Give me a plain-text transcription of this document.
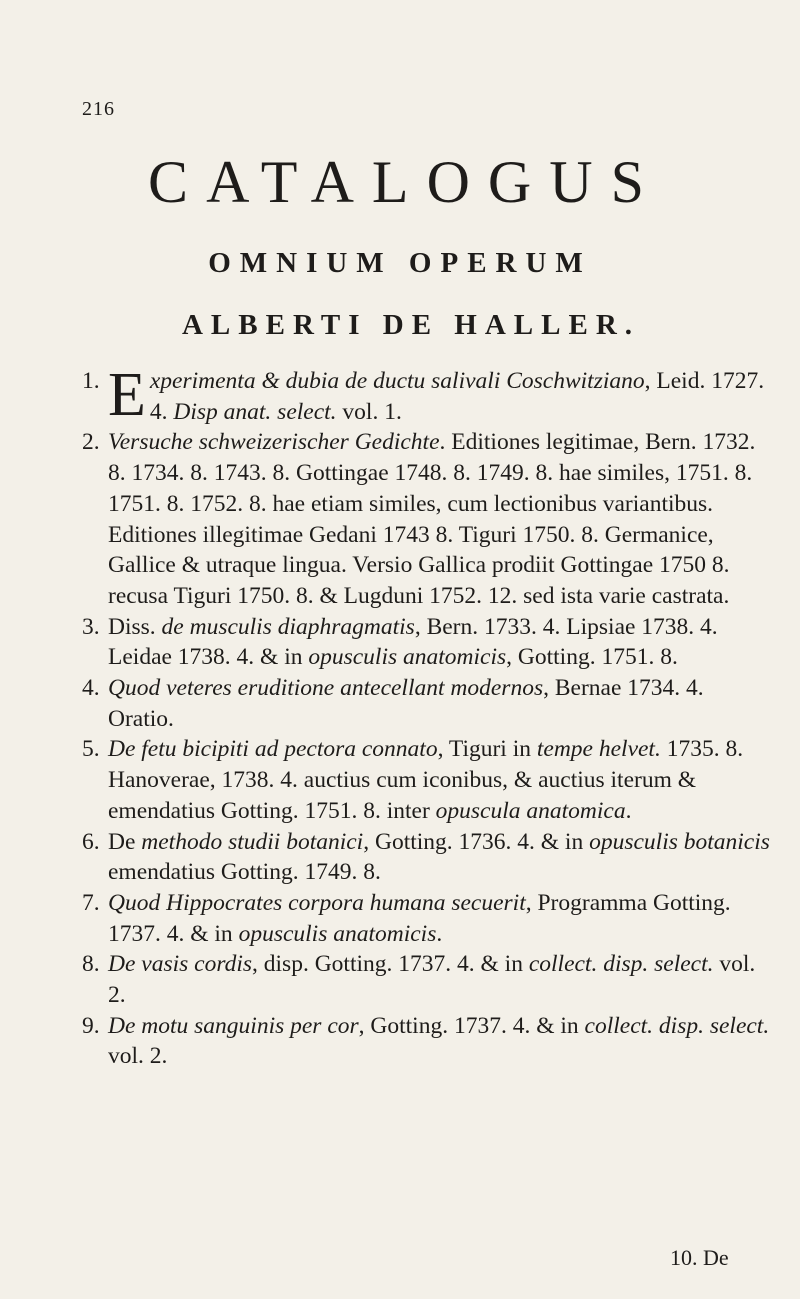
216
CATALOGUS
OMNIUM OPERUM
ALBERTI DE HALLER.

1. E xperimenta & dubia de ductu salivali Coschwitziano, Leid. 1727. 4. Disp anat. select. vol. 1.

2. Versuche schweizerischer Gedichte. Editiones legitimae, Bern. 1732. 8. 1734. 8. 1743. 8. Gottingae 1748. 8. 1749. 8. hae similes, 1751. 8. 1751. 8. 1752. 8. hae etiam similes, cum lectionibus variantibus. Editiones illegitimae Gedani 1743 8. Tiguri 1750. 8. Germanice, Gallice & utraque lingua. Versio Gallica prodiit Gottingae 1750 8. recusa Tiguri 1750. 8. & Lugduni 1752. 12. sed ista varie castrata.

3. Diss. de musculis diaphragmatis, Bern. 1733. 4. Lipsiae 1738. 4. Leidae 1738. 4. & in opusculis anatomicis, Gotting. 1751. 8.

4. Quod veteres eruditione antecellant modernos, Bernae 1734. 4. Oratio.

5. De fetu bicipiti ad pectora connato, Tiguri in tempe helvet. 1735. 8. Hanoverae, 1738. 4. auctius cum iconibus, & auctius iterum & emendatius Gotting. 1751. 8. inter opuscula anatomica.

6. De methodo studii botanici, Gotting. 1736. 4. & in opusculis botanicis emendatius Gotting. 1749. 8.

7. Quod Hippocrates corpora humana secuerit, Programma Gotting. 1737. 4. & in opusculis anatomicis.

8. De vasis cordis, disp. Gotting. 1737. 4. & in collect. disp. select. vol. 2.

9. De motu sanguinis per cor, Gotting. 1737. 4. & in collect. disp. select. vol. 2.

10. De
